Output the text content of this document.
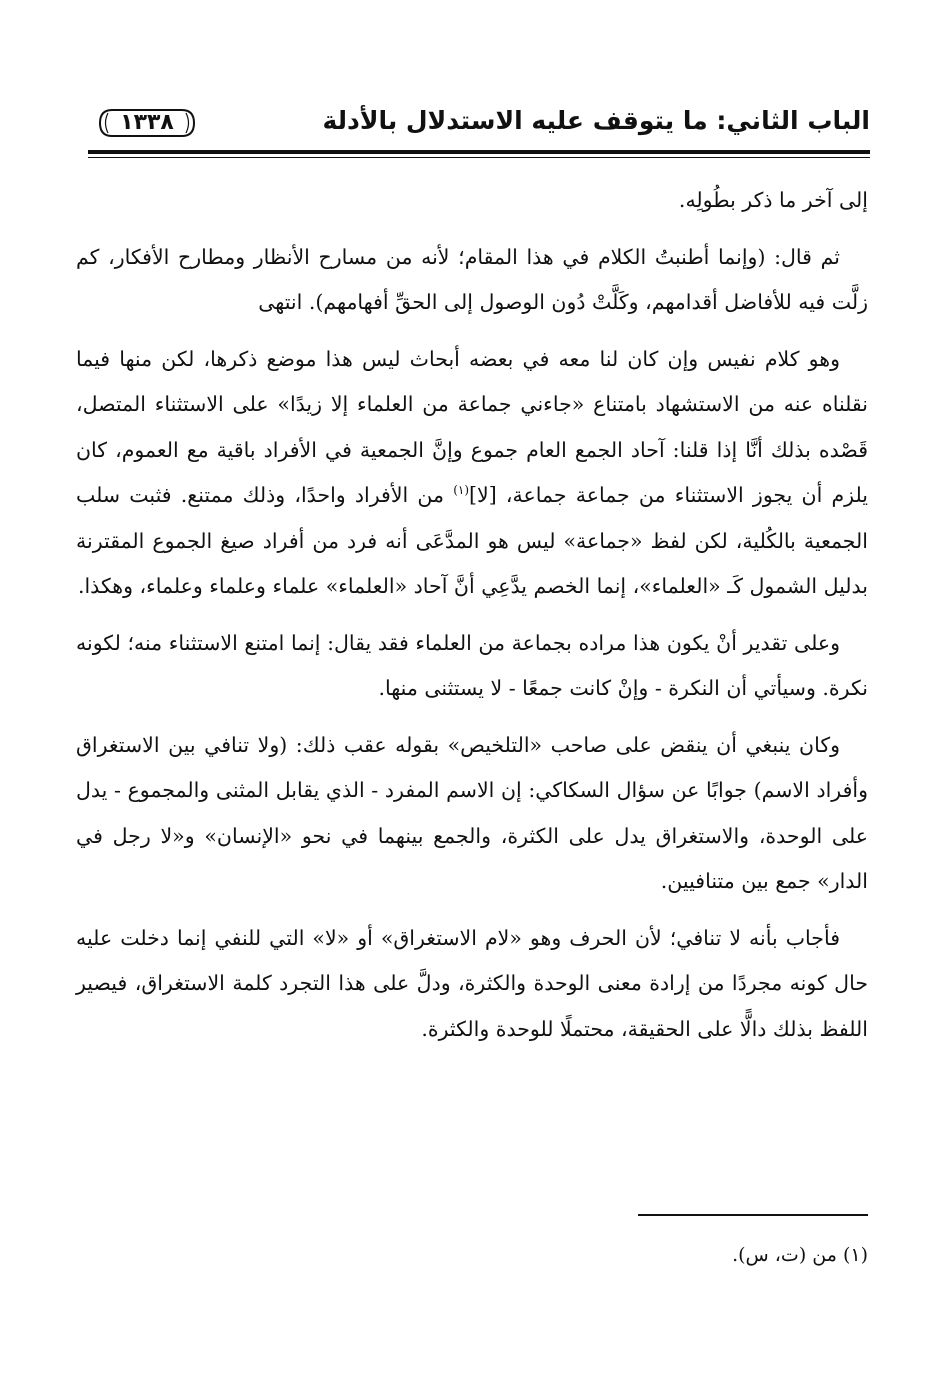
الباب الثاني: ما يتوقف عليه الاستدلال بالأدلة
١٣٣٨

إلى آخر ما ذكر بطُولِه.

ثم قال: (وإنما أطنبتُ الكلام في هذا المقام؛ لأنه من مسارح الأنظار ومطارح الأفكار، كم زلَّت فيه للأفاضل أقدامهم، وكَلَّتْ دُون الوصول إلى الحقِّ أفهامهم). انتهى

وهو كلام نفيس وإن كان لنا معه في بعضه أبحاث ليس هذا موضع ذكرها، لكن منها فيما نقلناه عنه من الاستشهاد بامتناع «جاءني جماعة من العلماء إلا زيدًا» على الاستثناء المتصل، قَصْده بذلك أنَّا إذا قلنا: آحاد الجمع العام جموع وإنَّ الجمعية في الأفراد باقية مع العموم، كان يلزم أن يجوز الاستثناء من جماعة جماعة، [لا]$^{(١)}$ من الأفراد واحدًا، وذلك ممتنع. فثبت سلب الجمعية بالكُلية، لكن لفظ «جماعة» ليس هو المدَّعَى أنه فرد من أفراد صيغ الجموع المقترنة بدليل الشمول كَـ «العلماء»، إنما الخصم يدَّعِي أنَّ آحاد «العلماء» علماء وعلماء وعلماء، وهكذا.

وعلى تقدير أنْ يكون هذا مراده بجماعة من العلماء فقد يقال: إنما امتنع الاستثناء منه؛ لكونه نكرة. وسيأتي أن النكرة - وإنْ كانت جمعًا - لا يستثنى منها.

وكان ينبغي أن ينقض على صاحب «التلخيص» بقوله عقب ذلك: (ولا تنافي بين الاستغراق وأفراد الاسم) جوابًا عن سؤال السكاكي: إن الاسم المفرد - الذي يقابل المثنى والمجموع - يدل على الوحدة، والاستغراق يدل على الكثرة، والجمع بينهما في نحو «الإنسان» و«لا رجل في الدار» جمع بين متنافيين.

فأجاب بأنه لا تنافي؛ لأن الحرف وهو «لام الاستغراق» أو «لا» التي للنفي إنما دخلت عليه حال كونه مجردًا من إرادة معنى الوحدة والكثرة، ودلَّ على هذا التجرد كلمة الاستغراق، فيصير اللفظ بذلك دالًّا على الحقيقة، محتملًا للوحدة والكثرة.

(١) من (ت، س).
